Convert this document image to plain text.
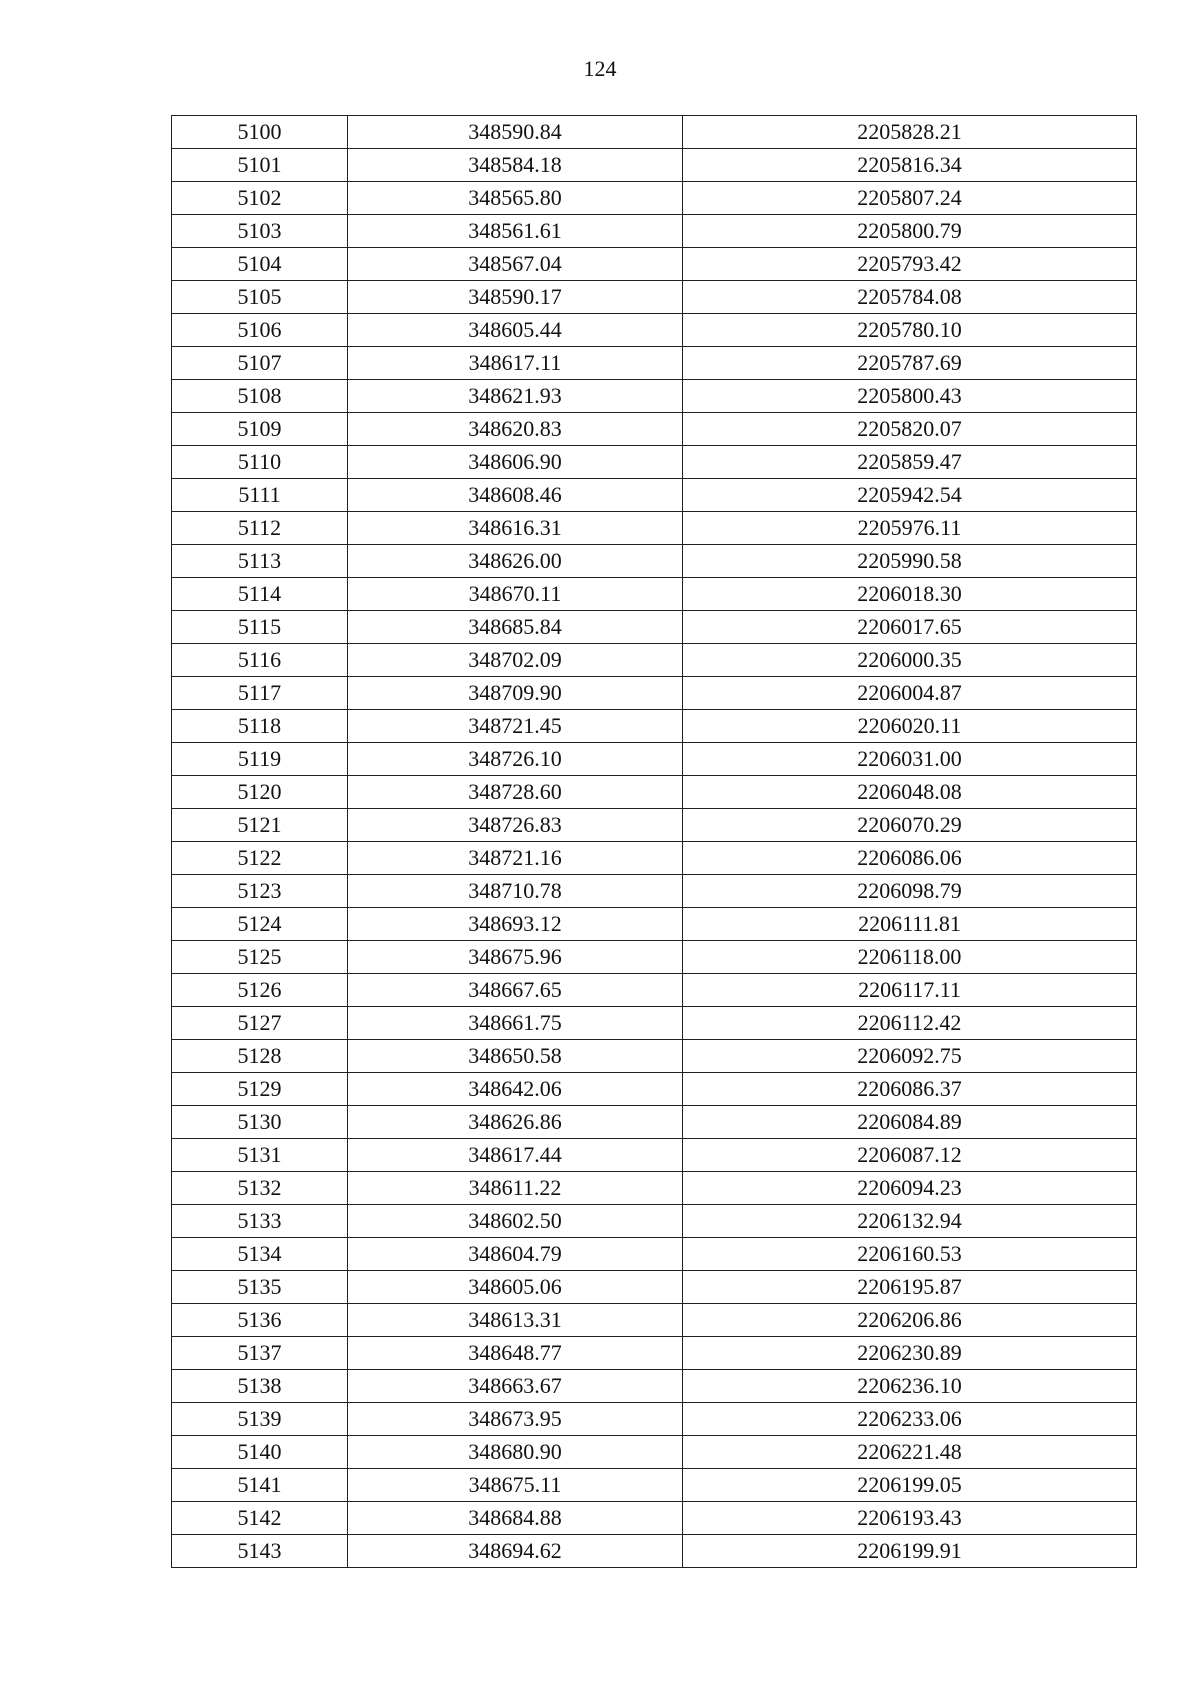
124
5100	348590.84	2205828.21
5101	348584.18	2205816.34
5102	348565.80	2205807.24
5103	348561.61	2205800.79
5104	348567.04	2205793.42
5105	348590.17	2205784.08
5106	348605.44	2205780.10
5107	348617.11	2205787.69
5108	348621.93	2205800.43
5109	348620.83	2205820.07
5110	348606.90	2205859.47
5111	348608.46	2205942.54
5112	348616.31	2205976.11
5113	348626.00	2205990.58
5114	348670.11	2206018.30
5115	348685.84	2206017.65
5116	348702.09	2206000.35
5117	348709.90	2206004.87
5118	348721.45	2206020.11
5119	348726.10	2206031.00
5120	348728.60	2206048.08
5121	348726.83	2206070.29
5122	348721.16	2206086.06
5123	348710.78	2206098.79
5124	348693.12	2206111.81
5125	348675.96	2206118.00
5126	348667.65	2206117.11
5127	348661.75	2206112.42
5128	348650.58	2206092.75
5129	348642.06	2206086.37
5130	348626.86	2206084.89
5131	348617.44	2206087.12
5132	348611.22	2206094.23
5133	348602.50	2206132.94
5134	348604.79	2206160.53
5135	348605.06	2206195.87
5136	348613.31	2206206.86
5137	348648.77	2206230.89
5138	348663.67	2206236.10
5139	348673.95	2206233.06
5140	348680.90	2206221.48
5141	348675.11	2206199.05
5142	348684.88	2206193.43
5143	348694.62	2206199.91
